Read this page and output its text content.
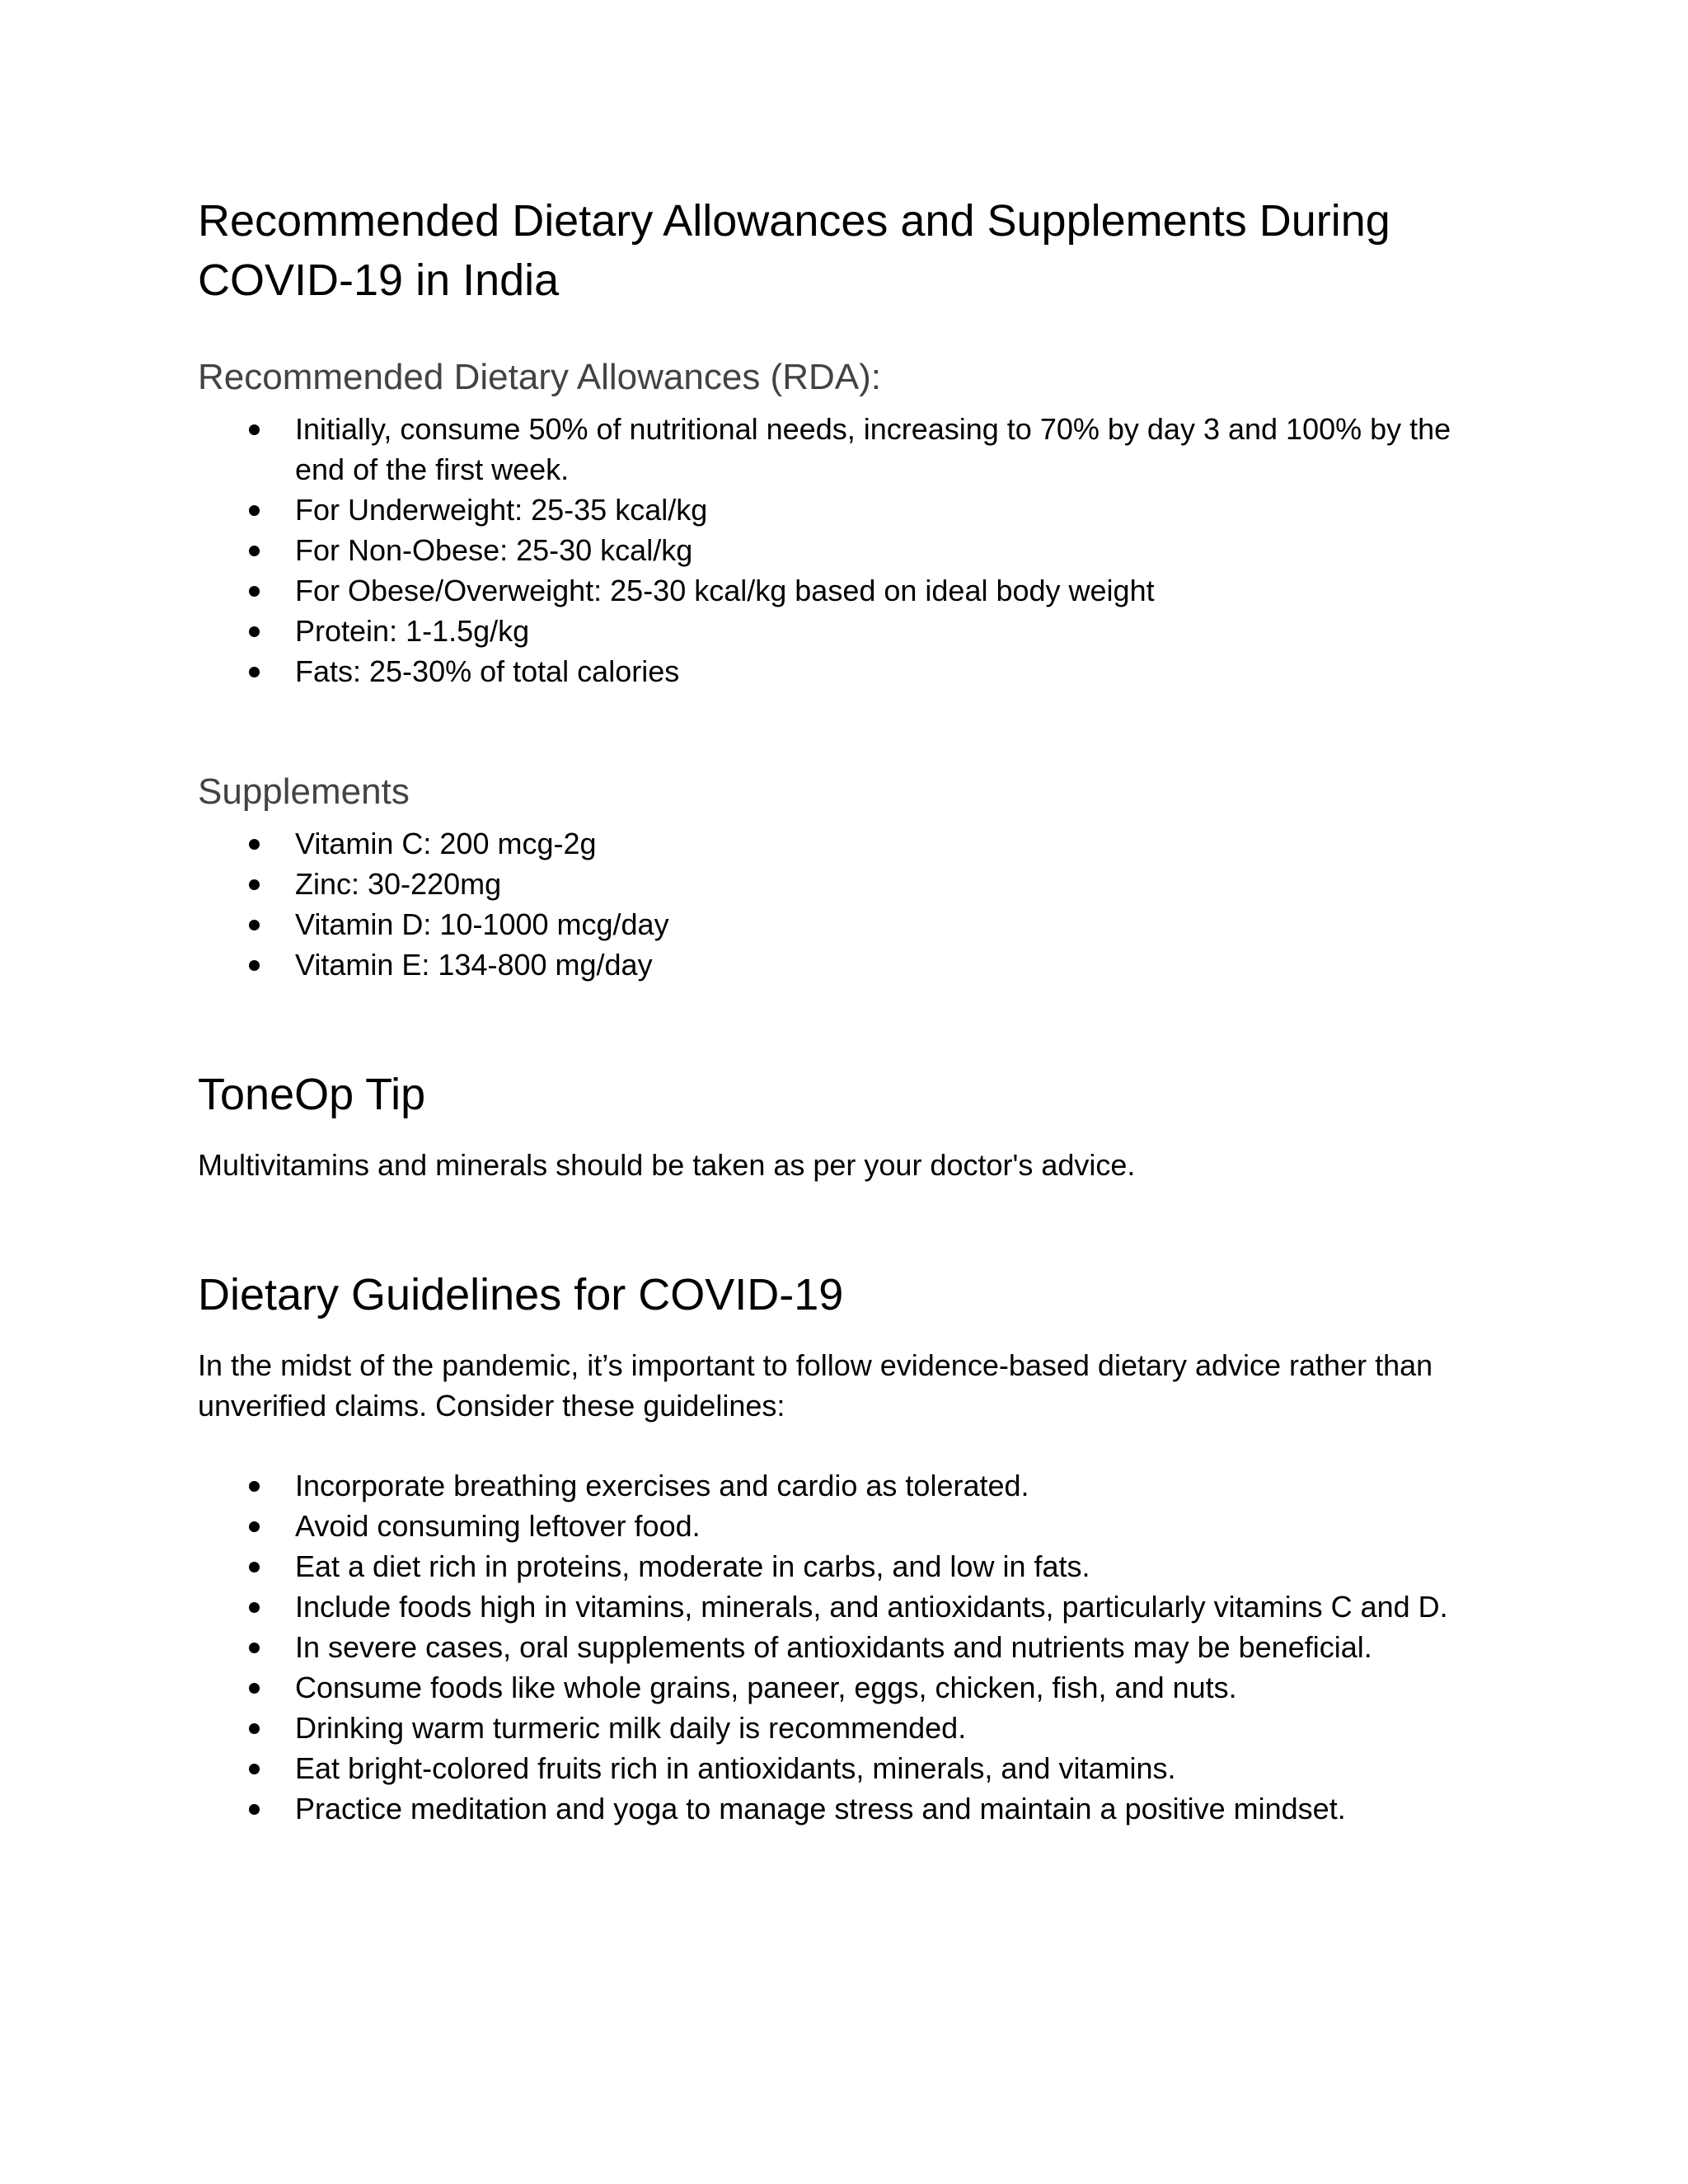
Recommended Dietary Allowances and Supplements During COVID-19 in India
Recommended Dietary Allowances (RDA):
Initially, consume 50% of nutritional needs, increasing to 70% by day 3 and 100% by the end of the first week.
For Underweight: 25-35 kcal/kg
For Non-Obese: 25-30 kcal/kg
For Obese/Overweight: 25-30 kcal/kg based on ideal body weight
Protein: 1-1.5g/kg
Fats: 25-30% of total calories
Supplements
Vitamin C: 200 mcg-2g
Zinc: 30-220mg
Vitamin D: 10-1000 mcg/day
Vitamin E: 134-800 mg/day
ToneOp Tip

Multivitamins and minerals should be taken as per your doctor's advice.

Dietary Guidelines for COVID-19

In the midst of the pandemic, it’s important to follow evidence-based dietary advice rather than unverified claims. Consider these guidelines:

Incorporate breathing exercises and cardio as tolerated.
Avoid consuming leftover food.
Eat a diet rich in proteins, moderate in carbs, and low in fats.
Include foods high in vitamins, minerals, and antioxidants, particularly vitamins C and D.
In severe cases, oral supplements of antioxidants and nutrients may be beneficial.
Consume foods like whole grains, paneer, eggs, chicken, fish, and nuts.
Drinking warm turmeric milk daily is recommended.
Eat bright-colored fruits rich in antioxidants, minerals, and vitamins.
Practice meditation and yoga to manage stress and maintain a positive mindset.
